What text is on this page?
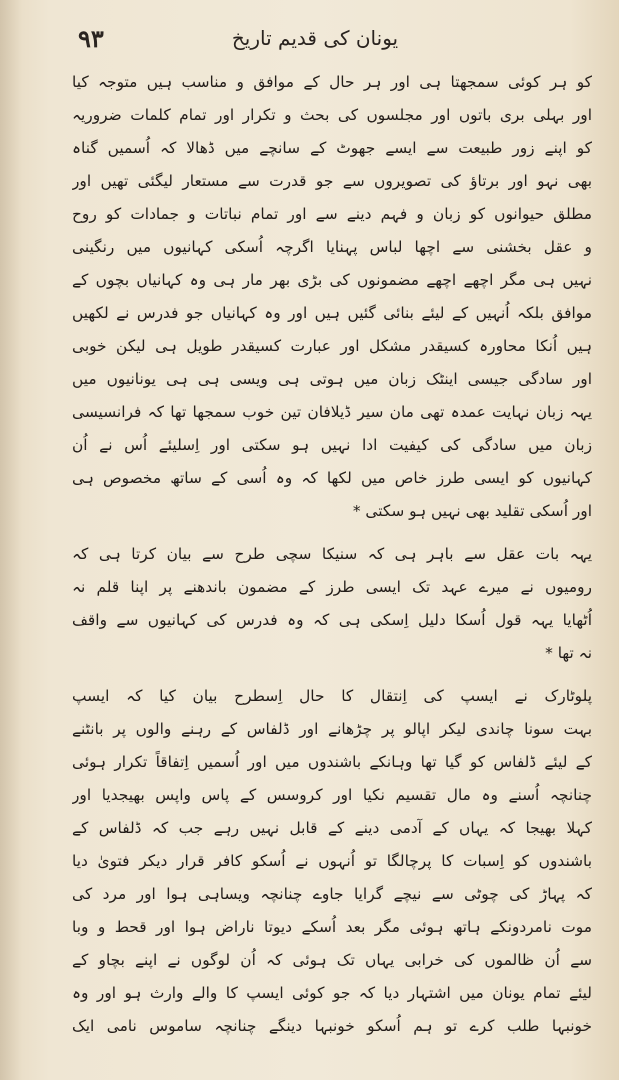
٩٣	یونان کی قدیم تاریخ
کو ہر کوئی سمجھتا ہی اور ہر حال کے موافق و مناسب ہیں متوجہ کیا
اور بہلی بری باتوں اور مجلسوں کی بحث و تکرار اور تمام کلمات ضروریہ
کو اپنے زور طبیعت سے ایسے جھوٹ کے سانچے میں ڈھالا کہ اُسمیں گناہ
بھی نہو اور برتاؤ کی تصویروں سے جو قدرت سے مستعار لیگئی تھیں اور
مطلق حیوانوں کو زبان و فہم دینے سے اور تمام نباتات و جمادات کو روح
و عقل بخشنی سے اچھا لباس پہنایا اگرچہ اُسکی کہانیوں میں رنگینی
نہیں ہی مگر اچھے اچھے مضمونوں کی بڑی بھر مار ہی وہ کہانیاں بچوں کے
موافق بلکہ اُنہیں کے لیئے بنائی گئیں ہیں اور وہ کہانیاں جو فدرس نے لکھیں
ہیں اُنکا محاورہ کسیقدر مشکل اور عبارت کسیقدر طویل ہی لیکن خوبی
اور سادگی جیسی اینٹک زبان میں ہوتی ہی ویسی ہی ہی یونانیوں میں
یہہ زبان نہایت عمدہ تھی مان سیر ڈیلافان تین خوب سمجھا تھا کہ فرانسیسی
زبان میں سادگی کی کیفیت ادا نہیں ہو سکتی اور اِسلیئے اُس نے اُن
کہانیوں کو ایسی طرز خاص میں لکھا کہ وہ اُسی کے ساتھ مخصوص ہی
اور اُسکی تقلید بھی نہیں ہو سکتی *
یہہ بات عقل سے باہر ہی کہ سنیکا سچی طرح سے بیان کرتا ہی کہ
رومیوں نے میرے عہد تک ایسی طرز کے مضمون باندھنے پر اپنا قلم نہ
اُٹھایا یہہ قول اُسکا دلیل اِسکی ہی کہ وہ فدرس کی کہانیوں سے واقف
نہ تھا *
پلوٹارک نے ایسپ کی اِنتقال کا حال اِسطرح بیان کیا کہ ایسپ
بہت سونا چاندی لیکر اپالو پر چڑھانے اور ڈلفاس کے رہنے والوں پر بانٹنے
کے لیئے ڈلفاس کو گیا تھا وہانکے باشندوں میں اور اُسمیں اِتفاقاً تکرار ہوئی
چنانچہ اُسنے وہ مال تقسیم نکیا اور کروسس کے پاس واپس بھیجدیا اور
کہلا بھیجا کہ یہاں کے آدمی دینے کے قابل نہیں رہے جب کہ ڈلفاس کے
باشندوں کو اِسبات کا پرچالگا تو اُنہوں نے اُسکو کافر قرار دیکر فتویٰ دیا
کہ پہاڑ کی چوٹی سے نیچے گرایا جاوے چنانچہ ویساہی ہوا اور مرد کی
موت نامردونکے ہاتھ ہوئی مگر بعد اُسکے دیوتا ناراض ہوا اور قحط و وبا
سے اُن ظالموں کی خرابی یہاں تک ہوئی کہ اُن لوگوں نے اپنے بچاو کے
لیئے تمام یونان میں اشتہار دیا کہ جو کوئی ایسپ کا والے وارث ہو اور وہ
خونبہا طلب کرے تو ہم اُسکو خونبہا دینگے چنانچہ ساموس نامی ایک
